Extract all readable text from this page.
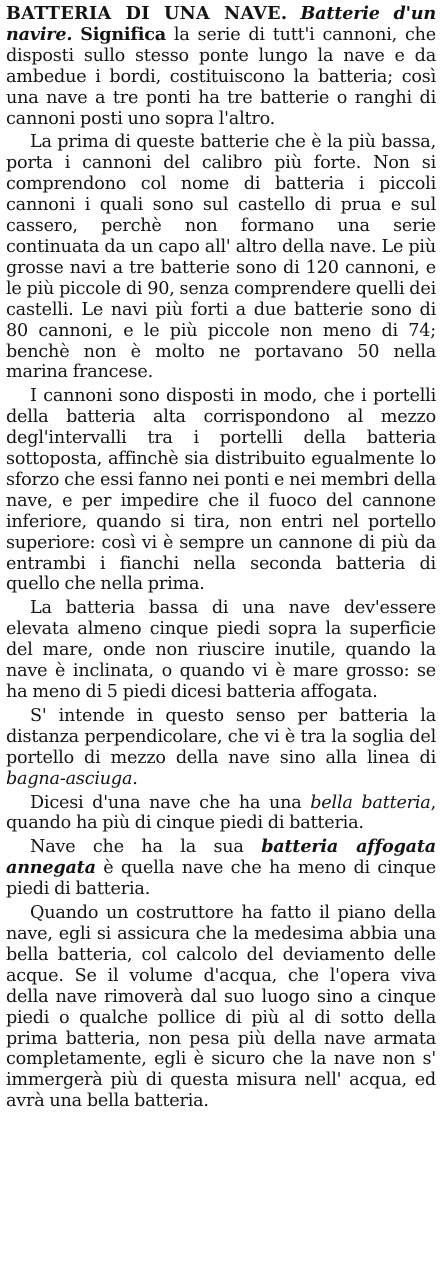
BATTERIA DI UNA NAVE. Batterie d'un navire. Significa la serie di tutt'i cannoni, che disposti sullo stesso ponte lungo la nave e da ambedue i bordi, costituiscono la batteria; così una nave a tre ponti ha tre batterie o ranghi di cannoni posti uno sopra l'altro.

La prima di queste batterie che è la più bassa, porta i cannoni del calibro più forte. Non si comprendono col nome di batteria i piccoli cannoni i quali sono sul castello di prua e sul cassero, perchè non formano una serie continuata da un capo all' altro della nave. Le più grosse navi a tre batterie sono di 120 cannoni, e le più piccole di 90, senza comprendere quelli dei castelli. Le navi più forti a due batterie sono di 80 cannoni, e le più piccole non meno di 74; benchè non è molto ne portavano 50 nella marina francese.

I cannoni sono disposti in modo, che i portelli della batteria alta corrispondono al mezzo degl'intervalli tra i portelli della batteria sottoposta, affinchè sia distribuito egualmente lo sforzo che essi fanno nei ponti e nei membri della nave, e per impedire che il fuoco del cannone inferiore, quando si tira, non entri nel portello superiore: così vi è sempre un cannone di più da entrambi i fianchi nella seconda batteria di quello che nella prima.

La batteria bassa di una nave dev'essere elevata almeno cinque piedi sopra la superficie del mare, onde non riuscire inutile, quando la nave è inclinata, o quando vi è mare grosso: se ha meno di 5 piedi dicesi batteria affogata.

S' intende in questo senso per batteria la distanza perpendicolare, che vi è tra la soglia del portello di mezzo della nave sino alla linea di bagna-asciuga.

Dicesi d'una nave che ha una bella batteria, quando ha più di cinque piedi di batteria.

Nave che ha la sua batteria affogata annegata è quella nave che ha meno di cinque piedi di batteria.

Quando un costruttore ha fatto il piano della nave, egli si assicura che la medesima abbia una bella batteria, col calcolo del deviamento delle acque. Se il volume d'acqua, che l'opera viva della nave rimoverà dal suo luogo sino a cinque piedi o qualche pollice di più al di sotto della prima batteria, non pesa più della nave armata completamente, egli è sicuro che la nave non s' immergerà più di questa misura nell' acqua, ed avrà una bella batteria.
